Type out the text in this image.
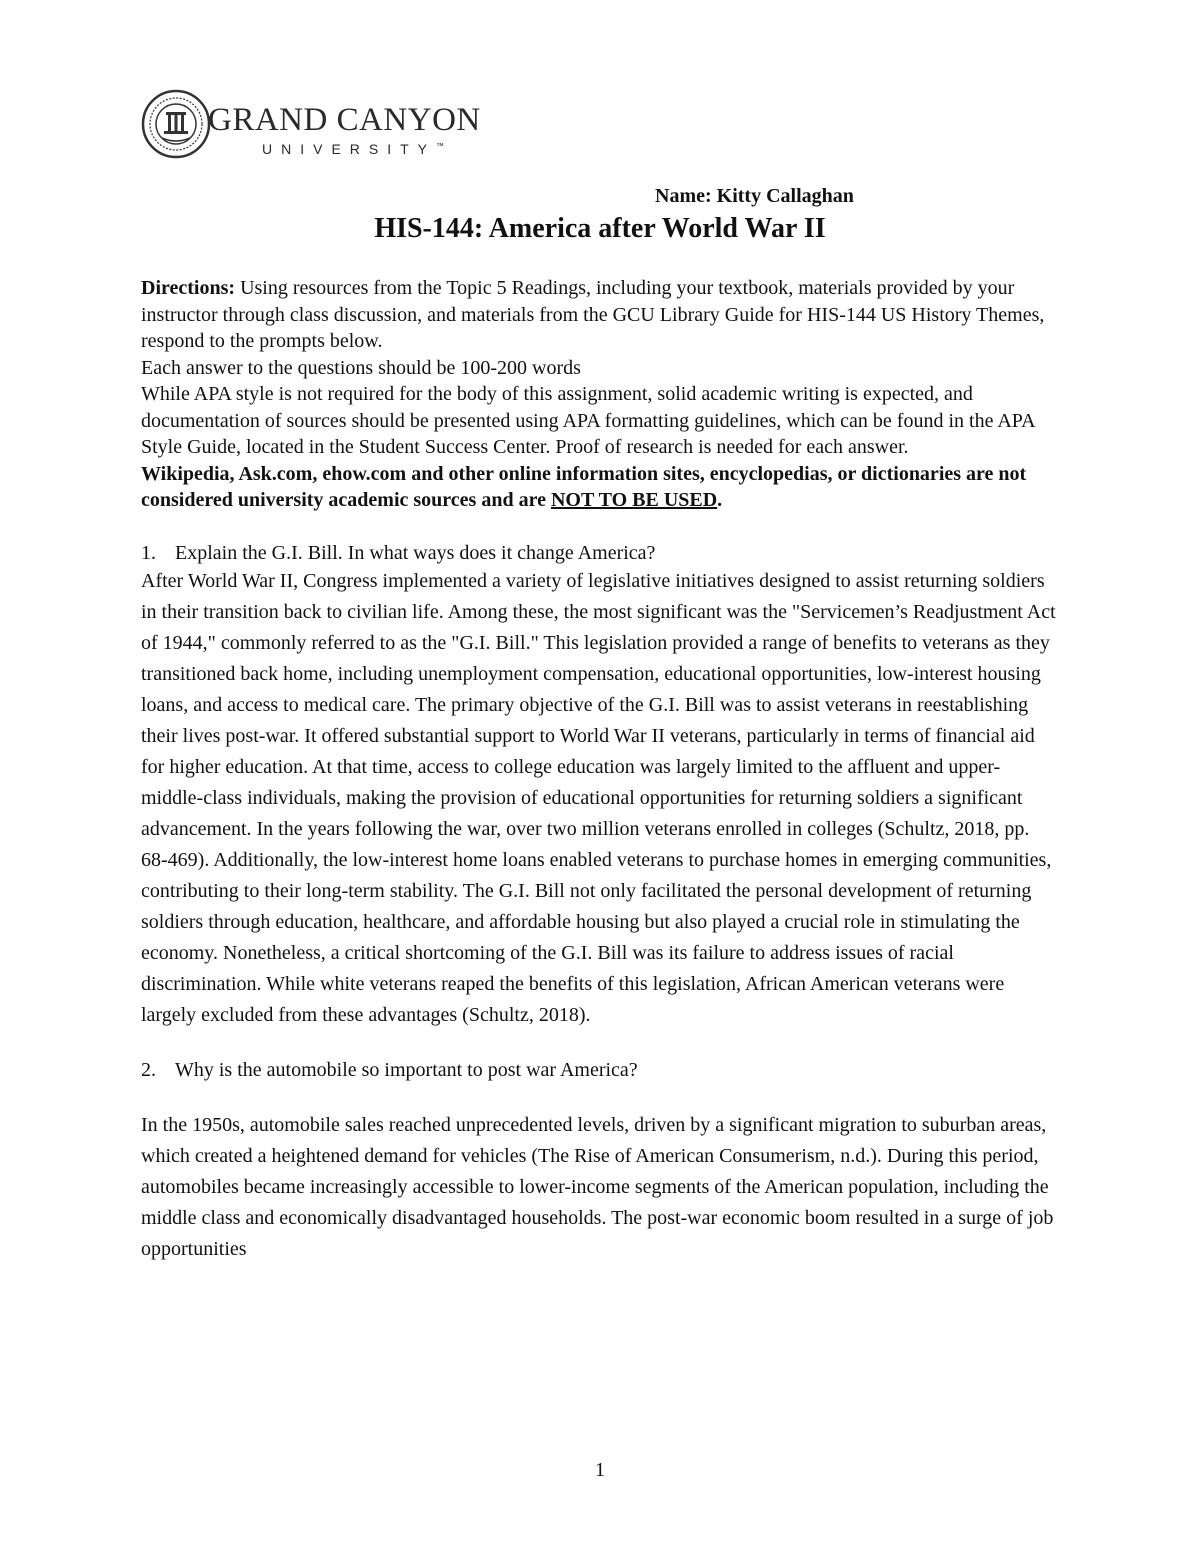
GRAND CANYON
UNIVERSITY™
Name: Kitty Callaghan
HIS-144: America after World War II

Directions: Using resources from the Topic 5 Readings, including your textbook, materials provided by your instructor through class discussion, and materials from the GCU Library Guide for HIS-144 US History Themes, respond to the prompts below.

Each answer to the questions should be 100-200 words

While APA style is not required for the body of this assignment, solid academic writing is expected, and documentation of sources should be presented using APA formatting guidelines, which can be found in the APA Style Guide, located in the Student Success Center. Proof of research is needed for each answer.

Wikipedia, Ask.com, ehow.com and other online information sites, encyclopedias, or dictionaries are not considered university academic sources and are NOT TO BE USED.

1. Explain the G.I. Bill. In what ways does it change America?

After World War II, Congress implemented a variety of legislative initiatives designed to assist returning soldiers in their transition back to civilian life. Among these, the most significant was the "Servicemen’s Readjustment Act of 1944," commonly referred to as the "G.I. Bill." This legislation provided a range of benefits to veterans as they transitioned back home, including unemployment compensation, educational opportunities, low-interest housing loans, and access to medical care. The primary objective of the G.I. Bill was to assist veterans in reestablishing their lives post-war. It offered substantial support to World War II veterans, particularly in terms of financial aid for higher education. At that time, access to college education was largely limited to the affluent and upper-middle-class individuals, making the provision of educational opportunities for returning soldiers a significant advancement. In the years following the war, over two million veterans enrolled in colleges (Schultz, 2018, pp. 68-469). Additionally, the low-interest home loans enabled veterans to purchase homes in emerging communities, contributing to their long-term stability. The G.I. Bill not only facilitated the personal development of returning soldiers through education, healthcare, and affordable housing but also played a crucial role in stimulating the economy. Nonetheless, a critical shortcoming of the G.I. Bill was its failure to address issues of racial discrimination. While white veterans reaped the benefits of this legislation, African American veterans were largely excluded from these advantages (Schultz, 2018).

2. Why is the automobile so important to post war America?

In the 1950s, automobile sales reached unprecedented levels, driven by a significant migration to suburban areas, which created a heightened demand for vehicles (The Rise of American Consumerism, n.d.). During this period, automobiles became increasingly accessible to lower-income segments of the American population, including the middle class and economically disadvantaged households. The post-war economic boom resulted in a surge of job opportunities

1
